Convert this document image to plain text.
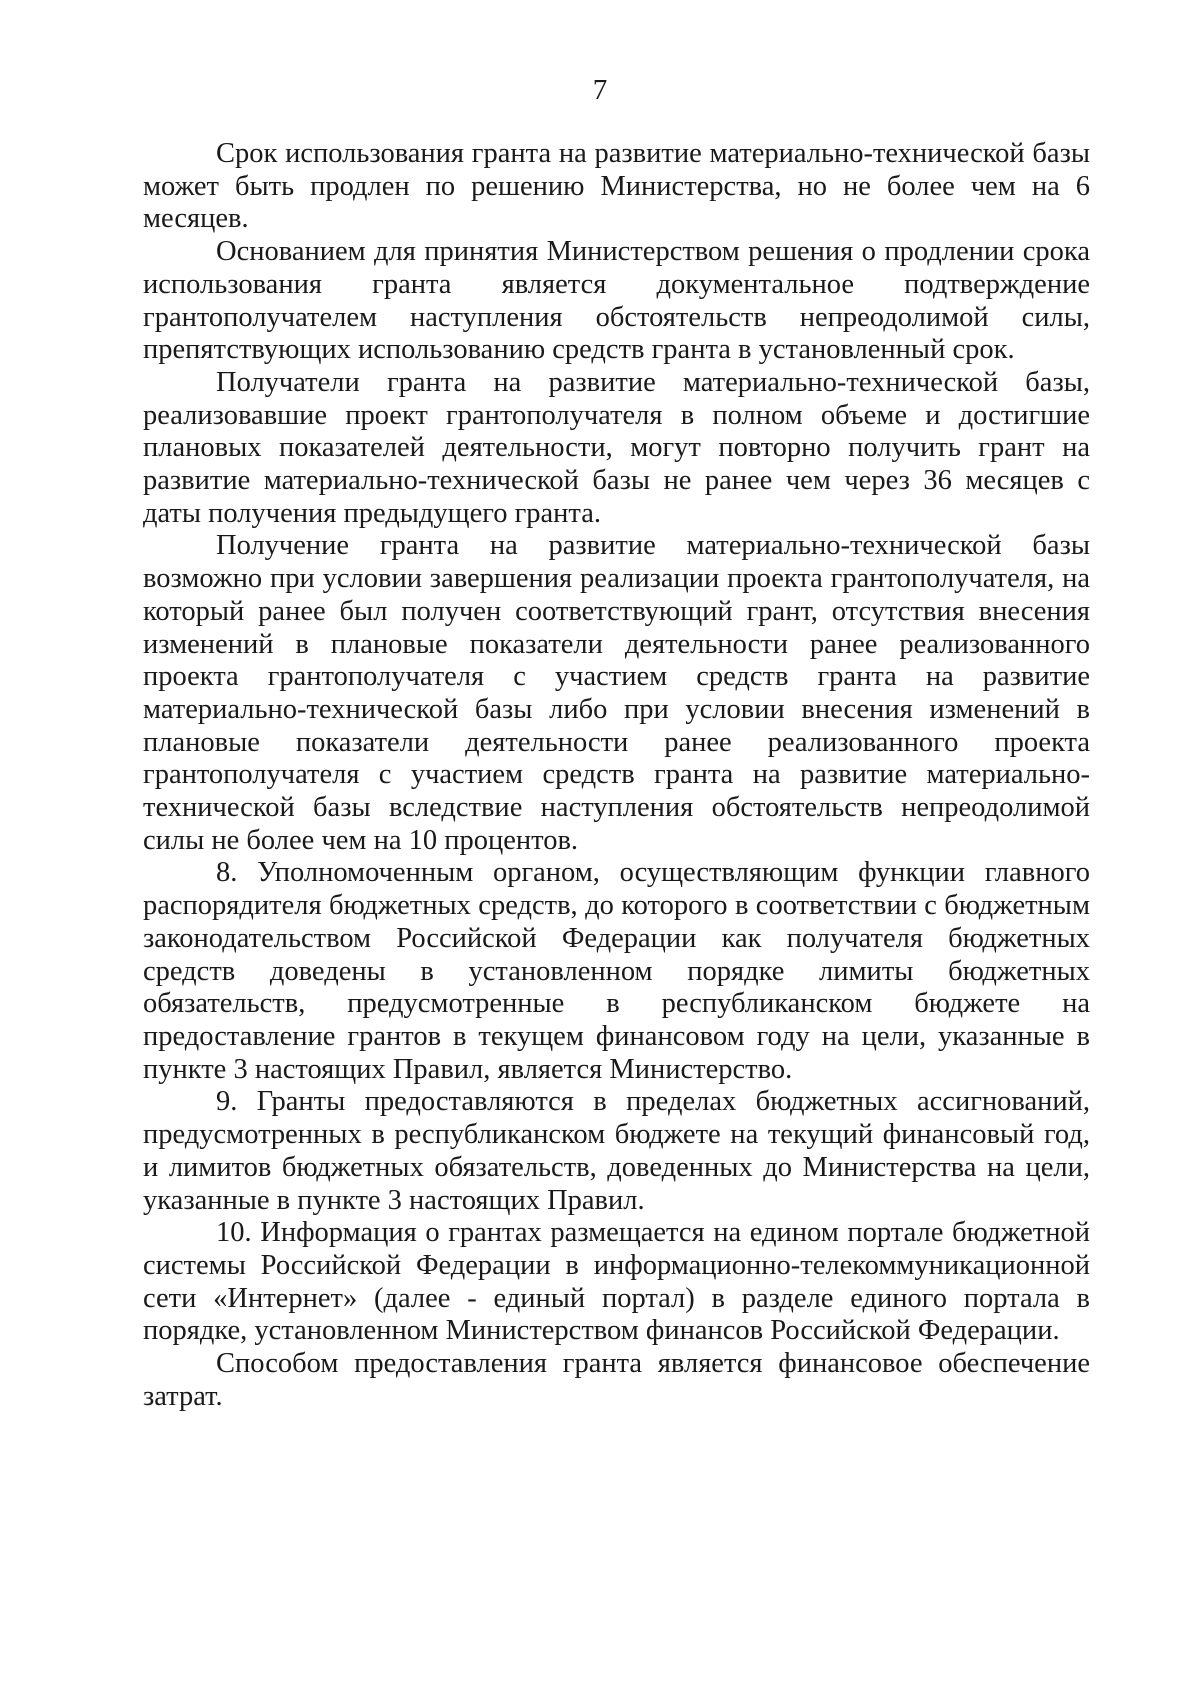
7

Срок использования гранта на развитие материально-технической базы может быть продлен по решению Министерства, но не более чем на 6 месяцев.

Основанием для принятия Министерством решения о продлении срока использования гранта является документальное подтверждение грантополучателем наступления обстоятельств непреодолимой силы, препятствующих использованию средств гранта в установленный срок.

Получатели гранта на развитие материально-технической базы, реализовавшие проект грантополучателя в полном объеме и достигшие плановых показателей деятельности, могут повторно получить грант на развитие материально-технической базы не ранее чем через 36 месяцев с даты получения предыдущего гранта.

Получение гранта на развитие материально-технической базы возможно при условии завершения реализации проекта грантополучателя, на который ранее был получен соответствующий грант, отсутствия внесения изменений в плановые показатели деятельности ранее реализованного проекта грантополучателя с участием средств гранта на развитие материально-технической базы либо при условии внесения изменений в плановые показатели деятельности ранее реализованного проекта грантополучателя с участием средств гранта на развитие материально-технической базы вследствие наступления обстоятельств непреодолимой силы не более чем на 10 процентов.

8. Уполномоченным органом, осуществляющим функции главного распорядителя бюджетных средств, до которого в соответствии с бюджетным законодательством Российской Федерации как получателя бюджетных средств доведены в установленном порядке лимиты бюджетных обязательств, предусмотренные в республиканском бюджете на предоставление грантов в текущем финансовом году на цели, указанные в пункте 3 настоящих Правил, является Министерство.

9. Гранты предоставляются в пределах бюджетных ассигнований, предусмотренных в республиканском бюджете на текущий финансовый год, и лимитов бюджетных обязательств, доведенных до Министерства на цели, указанные в пункте 3 настоящих Правил.

10. Информация о грантах размещается на едином портале бюджетной системы Российской Федерации в информационно-телекоммуникационной сети «Интернет» (далее - единый портал) в разделе единого портала в порядке, установленном Министерством финансов Российской Федерации.

Способом предоставления гранта является финансовое обеспечение затрат.
